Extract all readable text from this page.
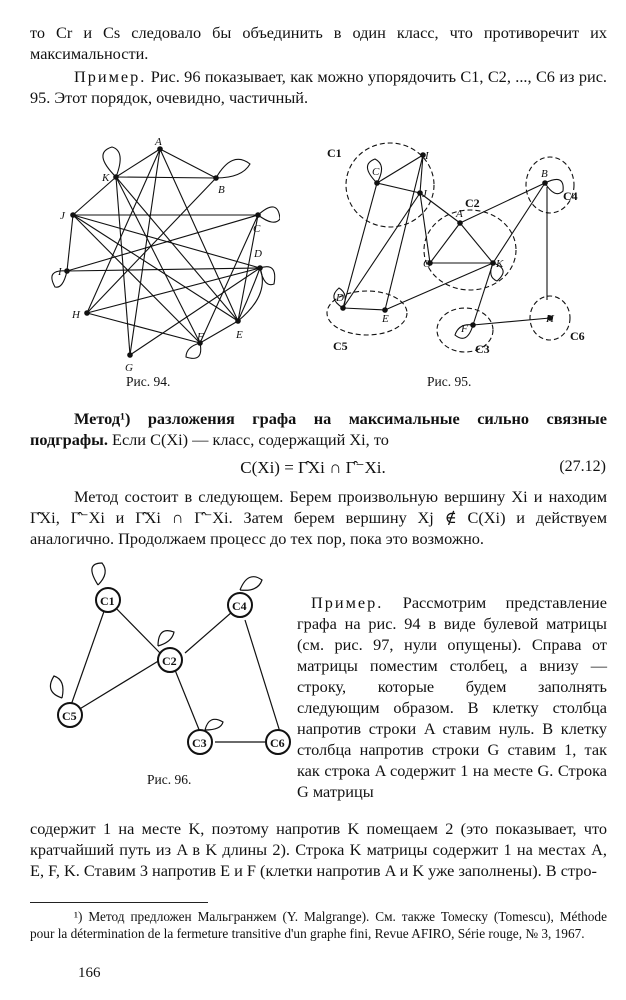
то Cr и Cs следовало бы объединить в один класс, что противоречит их максимальности.

Пример. Рис. 96 показывает, как можно упорядочить C1, C2, ..., C6 из рис. 95. Этот порядок, очевидно, частичный.

A
B
C
D
E
F
G
H
I
J
K
Рис. 94.
A
B
C
D
E
F
G
H
I
J
K
C1
C2
C3
C4
C5
C6
Рис. 95.

Метод¹) разложения графа на максимальные сильно связные подграфы. Если C(Xi) — класс, содержащий Xi, то

C(Xi) = Γ̂Xi ∩ Γ̂⁻Xi.	(27.12)

Метод состоит в следующем. Берем произвольную вершину Xi и находим Γ̂Xi, Γ̂⁻Xi и Γ̂Xi ∩ Γ̂⁻Xi. Затем берем вершину Xj ∉ C(Xi) и действуем аналогично. Продолжаем процесс до тех пор, пока это возможно.

C1
C2
C3
C4
C5
C6
Рис. 96.

Пример. Рассмотрим представление графа на рис. 94 в виде булевой матрицы (см. рис. 97, нули опущены). Справа от матрицы поместим столбец, а внизу — строку, которые будем заполнять следующим образом. В клетку столбца напротив строки A ставим нуль. В клетку столбца напротив строки G ставим 1, так как строка A содержит 1 на месте G. Строка G матрицы

содержит 1 на месте K, поэтому напротив K помещаем 2 (это показывает, что кратчайший путь из A в K длины 2). Строка K матрицы содержит 1 на местах A, E, F, K. Ставим 3 напротив E и F (клетки напротив A и K уже заполнены). В стро-

¹) Метод предложен Мальгранжем (Y. Malgrange). См. также Томеску (Tomescu), Méthode pour la détermination de la fermeture transitive d'un graphe fini, Revue AFIRO, Série rouge, № 3, 1967.

166
